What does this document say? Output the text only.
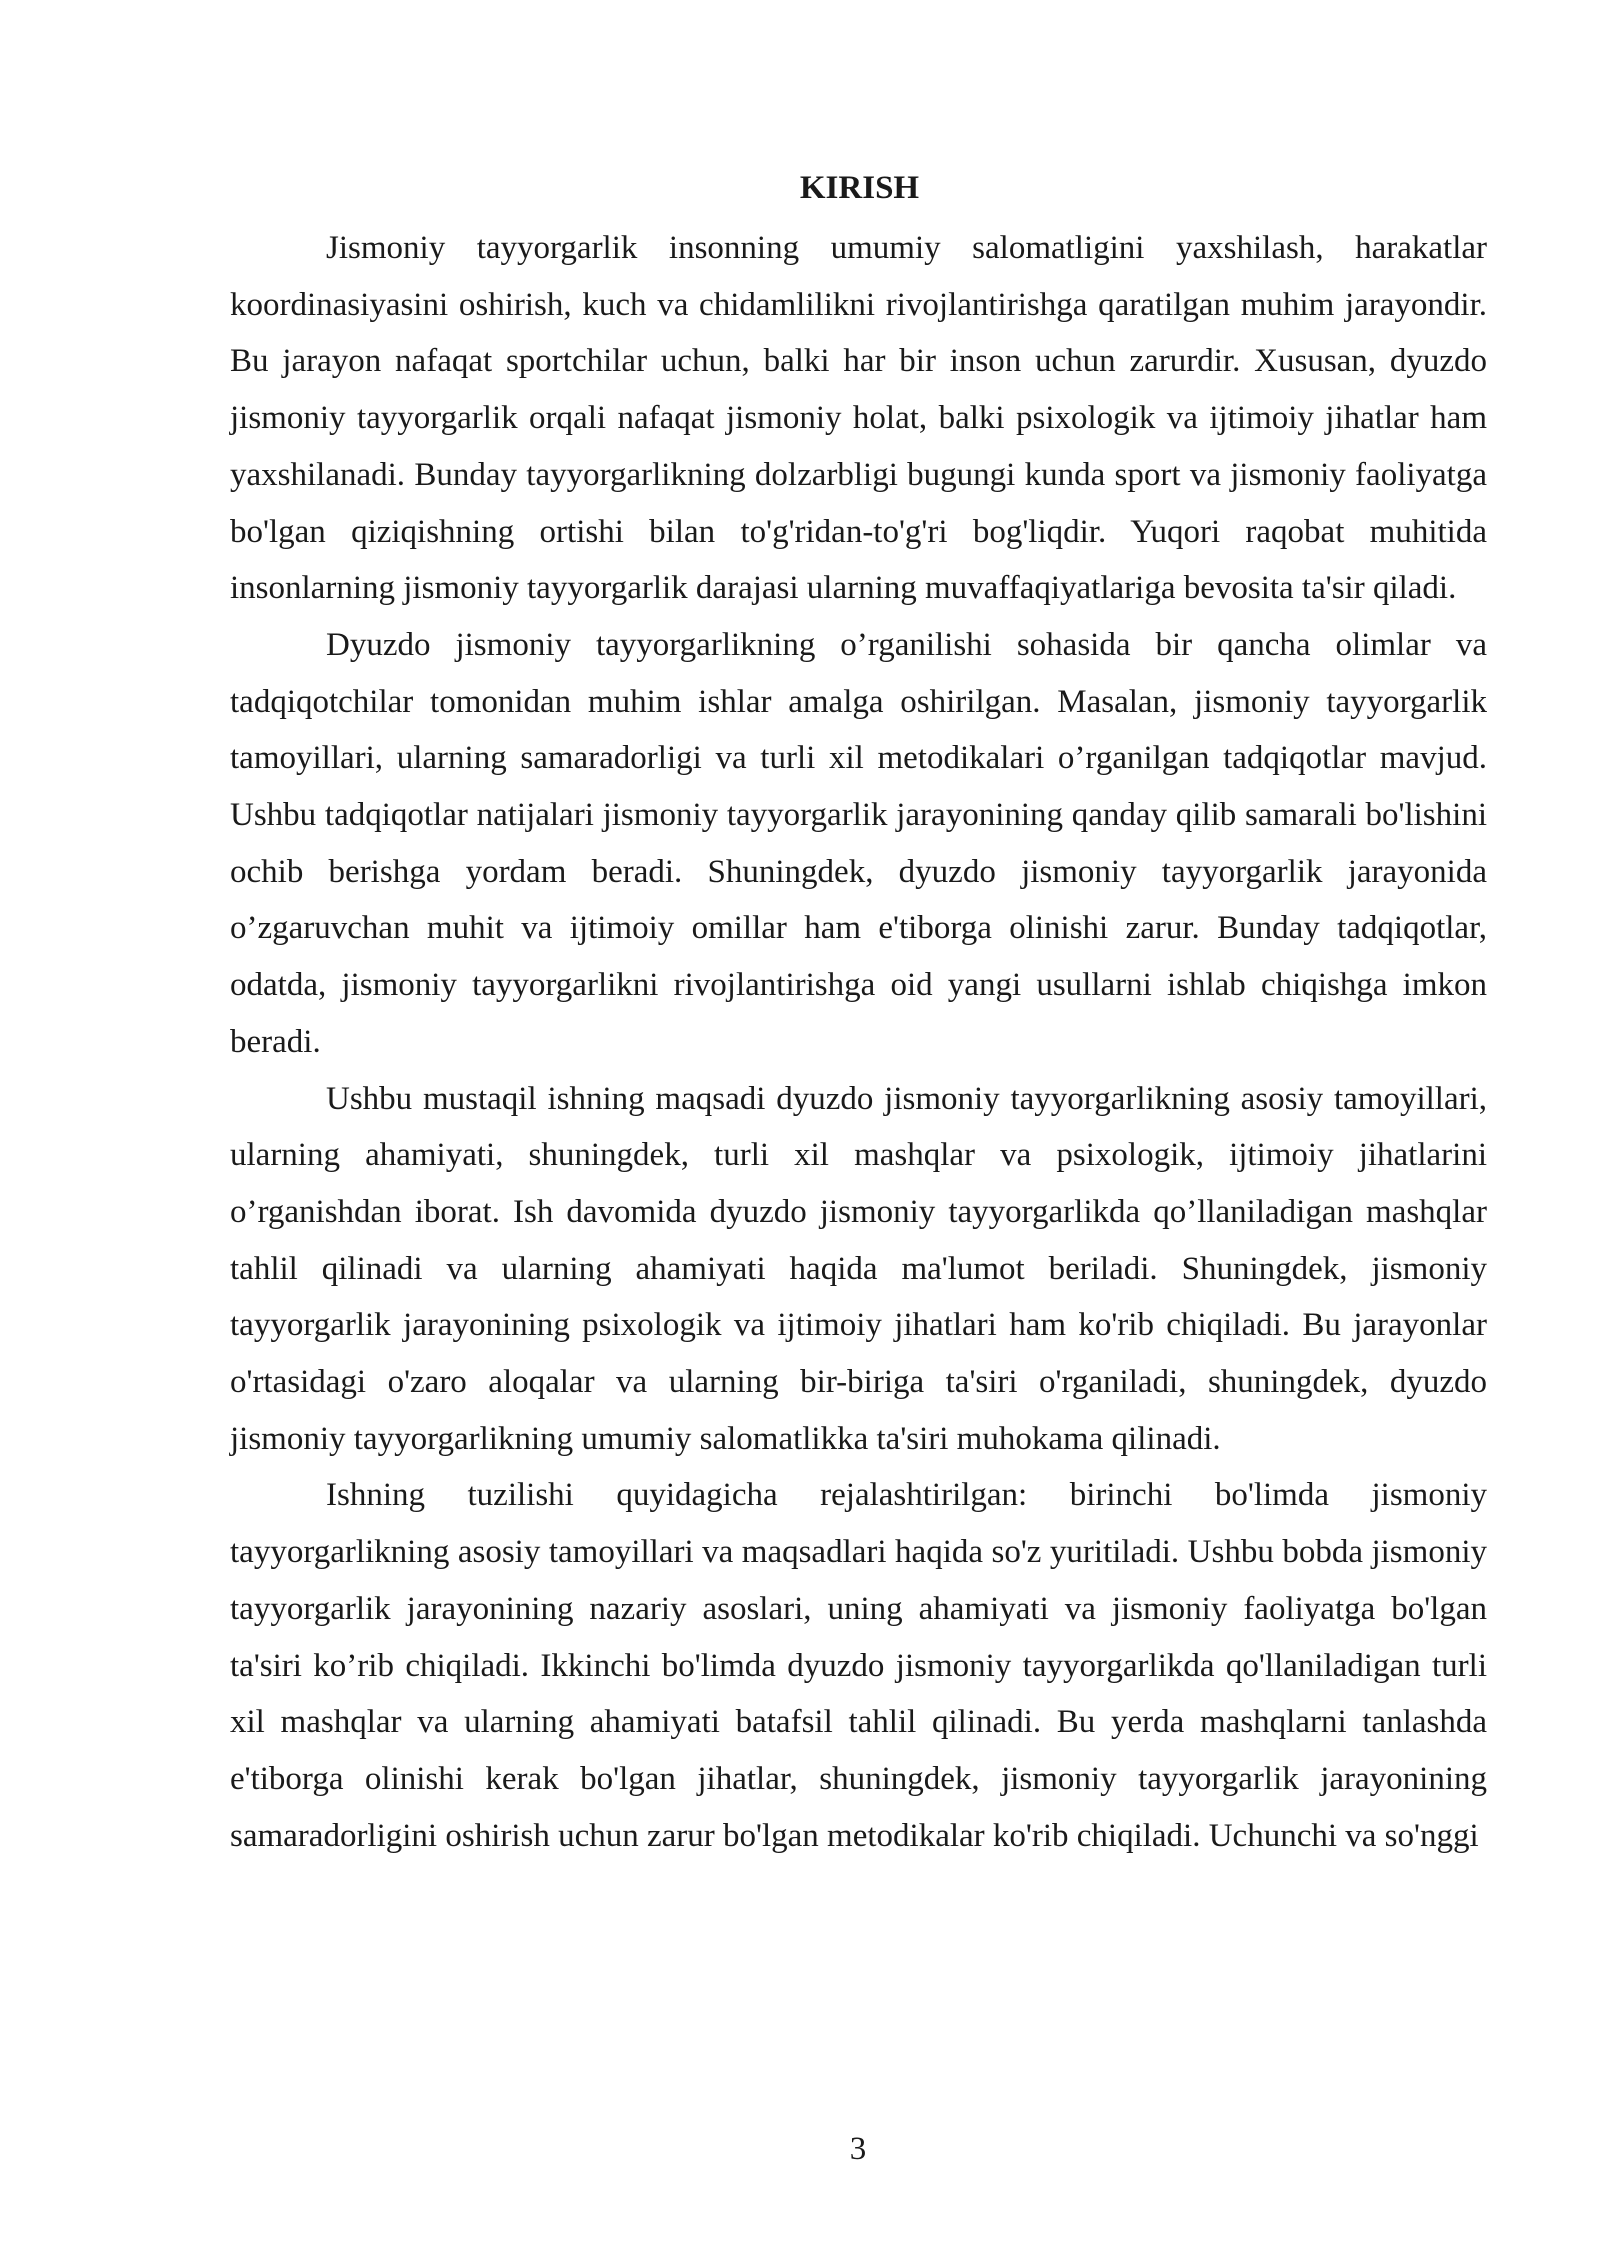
KIRISH

Jismoniy tayyorgarlik insonning umumiy salomatligini yaxshilash, harakatlar koordinasiyasini oshirish, kuch va chidamlilikni rivojlantirishga qaratilgan muhim jarayondir. Bu jarayon nafaqat sportchilar uchun, balki har bir inson uchun zarurdir. Xususan, dyuzdo jismoniy tayyorgarlik orqali nafaqat jismoniy holat, balki psixologik va ijtimoiy jihatlar ham yaxshilanadi. Bunday tayyorgarlikning dolzarbligi bugungi kunda sport va jismoniy faoliyatga bo'lgan qiziqishning ortishi bilan to'g'ridan-to'g'ri bog'liqdir. Yuqori raqobat muhitida insonlarning jismoniy tayyorgarlik darajasi ularning muvaffaqiyatlariga bevosita ta'sir qiladi.

Dyuzdo jismoniy tayyorgarlikning o’rganilishi sohasida bir qancha olimlar va tadqiqotchilar tomonidan muhim ishlar amalga oshirilgan. Masalan, jismoniy tayyorgarlik tamoyillari, ularning samaradorligi va turli xil metodikalari o’rganilgan tadqiqotlar mavjud. Ushbu tadqiqotlar natijalari jismoniy tayyorgarlik jarayonining qanday qilib samarali bo'lishini ochib berishga yordam beradi. Shuningdek, dyuzdo jismoniy tayyorgarlik jarayonida o’zgaruvchan muhit va ijtimoiy omillar ham e'tiborga olinishi zarur. Bunday tadqiqotlar, odatda, jismoniy tayyorgarlikni rivojlantirishga oid yangi usullarni ishlab chiqishga imkon beradi.

Ushbu mustaqil ishning maqsadi dyuzdo jismoniy tayyorgarlikning asosiy tamoyillari, ularning ahamiyati, shuningdek, turli xil mashqlar va psixologik, ijtimoiy jihatlarini o’rganishdan iborat. Ish davomida dyuzdo jismoniy tayyorgarlikda qo’llaniladigan mashqlar tahlil qilinadi va ularning ahamiyati haqida ma'lumot beriladi. Shuningdek, jismoniy tayyorgarlik jarayonining psixologik va ijtimoiy jihatlari ham ko'rib chiqiladi. Bu jarayonlar o'rtasidagi o'zaro aloqalar va ularning bir-biriga ta'siri o'rganiladi, shuningdek, dyuzdo jismoniy tayyorgarlikning umumiy salomatlikka ta'siri muhokama qilinadi.

Ishning tuzilishi quyidagicha rejalashtirilgan: birinchi bo'limda jismoniy tayyorgarlikning asosiy tamoyillari va maqsadlari haqida so'z yuritiladi. Ushbu bobda jismoniy tayyorgarlik jarayonining nazariy asoslari, uning ahamiyati va jismoniy faoliyatga bo'lgan ta'siri ko’rib chiqiladi. Ikkinchi bo'limda dyuzdo jismoniy tayyorgarlikda qo'llaniladigan turli xil mashqlar va ularning ahamiyati batafsil tahlil qilinadi. Bu yerda mashqlarni tanlashda e'tiborga olinishi kerak bo'lgan jihatlar, shuningdek, jismoniy tayyorgarlik jarayonining samaradorligini oshirish uchun zarur bo'lgan metodikalar ko'rib chiqiladi. Uchunchi va so'nggi

3
